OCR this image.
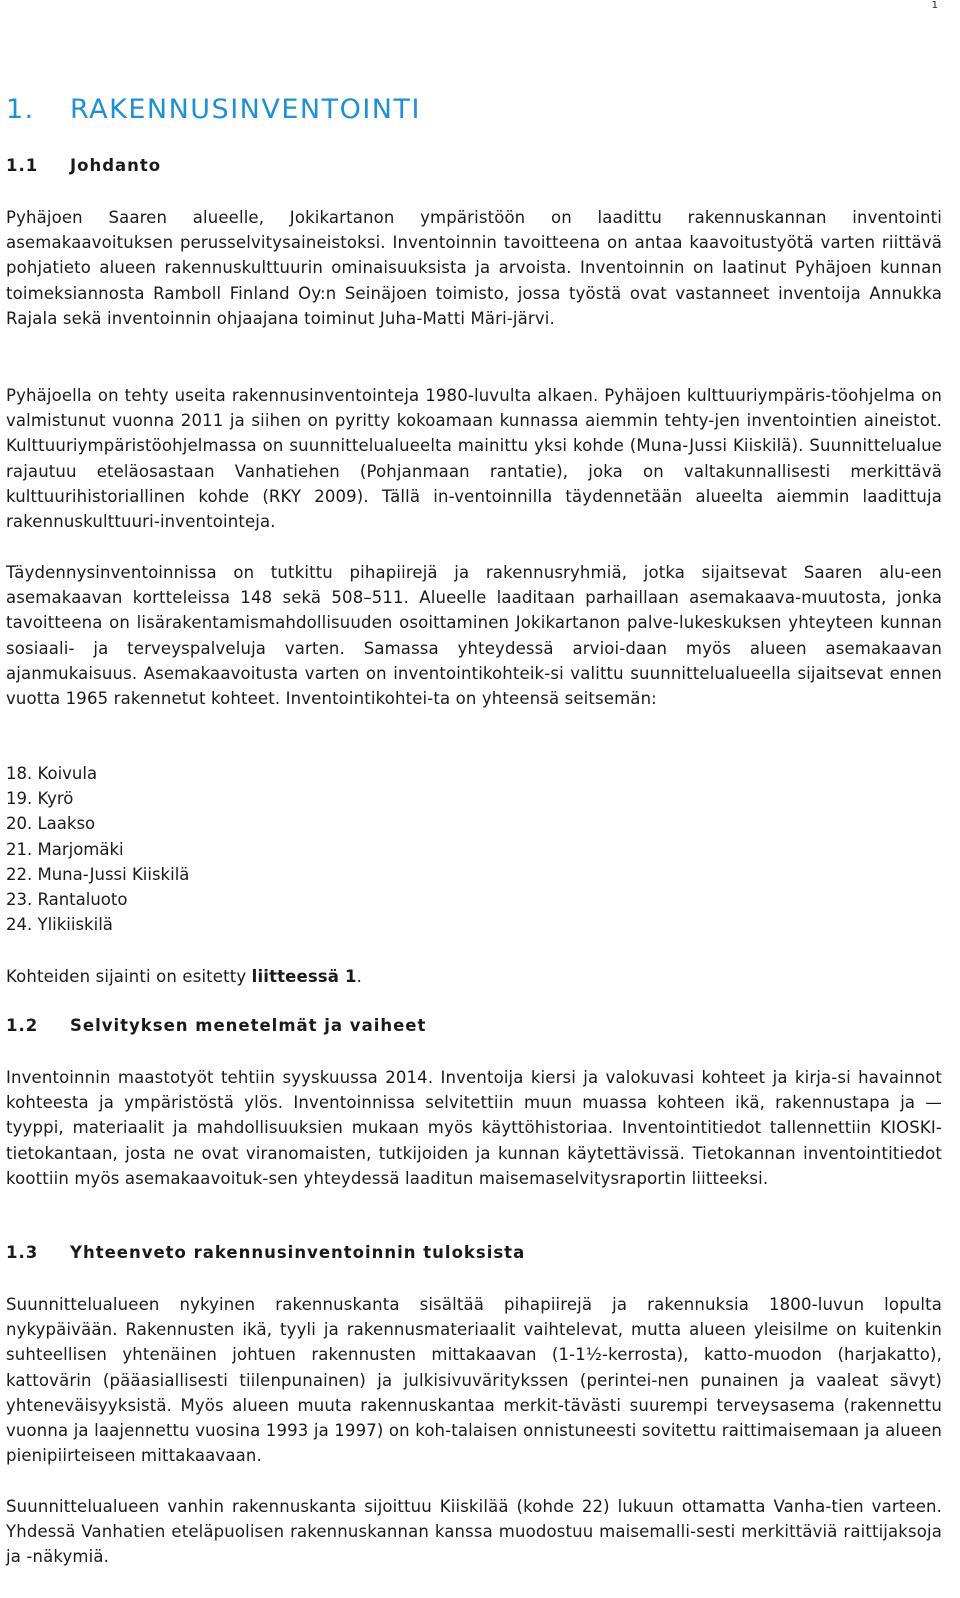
1
1. RAKENNUSINVENTOINTI
1.1 Johdanto

Pyhäjoen Saaren alueelle, Jokikartanon ympäristöön on laadittu rakennuskannan inventointi asemakaavoituksen perusselvitysaineistoksi. Inventoinnin tavoitteena on antaa kaavoitustyötä varten riittävä pohjatieto alueen rakennuskulttuurin ominaisuuksista ja arvoista. Inventoinnin on laatinut Pyhäjoen kunnan toimeksiannosta Ramboll Finland Oy:n Seinäjoen toimisto, jossa työstä ovat vastanneet inventoija Annukka Rajala sekä inventoinnin ohjaajana toiminut Juha-Matti Märi-järvi.

Pyhäjoella on tehty useita rakennusinventointeja 1980-luvulta alkaen. Pyhäjoen kulttuuriympäris-töohjelma on valmistunut vuonna 2011 ja siihen on pyritty kokoamaan kunnassa aiemmin tehty-jen inventointien aineistot. Kulttuuriympäristöohjelmassa on suunnittelualueelta mainittu yksi kohde (Muna-Jussi Kiiskilä). Suunnittelualue rajautuu eteläosastaan Vanhatiehen (Pohjanmaan rantatie), joka on valtakunnallisesti merkittävä kulttuurihistoriallinen kohde (RKY 2009). Tällä in-ventoinnilla täydennetään alueelta aiemmin laadittuja rakennuskulttuuri-inventointeja.

Täydennysinventoinnissa on tutkittu pihapiirejä ja rakennusryhmiä, jotka sijaitsevat Saaren alu-een asemakaavan kortteleissa 148 sekä 508–511. Alueelle laaditaan parhaillaan asemakaava-muutosta, jonka tavoitteena on lisärakentamismahdollisuuden osoittaminen Jokikartanon palve-lukeskuksen yhteyteen kunnan sosiaali- ja terveyspalveluja varten. Samassa yhteydessä arvioi-daan myös alueen asemakaavan ajanmukaisuus. Asemakaavoitusta varten on inventointikohteik-si valittu suunnittelualueella sijaitsevat ennen vuotta 1965 rakennetut kohteet. Inventointikohtei-ta on yhteensä seitsemän:

18. Koivula
19. Kyrö
20. Laakso
21. Marjomäki
22. Muna-Jussi Kiiskilä
23. Rantaluoto
24. Ylikiiskilä

Kohteiden sijainti on esitetty liitteessä 1.

1.2 Selvityksen menetelmät ja vaiheet

Inventoinnin maastotyöt tehtiin syyskuussa 2014. Inventoija kiersi ja valokuvasi kohteet ja kirja-si havainnot kohteesta ja ympäristöstä ylös. Inventoinnissa selvitettiin muun muassa kohteen ikä, rakennustapa ja — tyyppi, materiaalit ja mahdollisuuksien mukaan myös käyttöhistoriaa. Inventointitiedot tallennettiin KIOSKI-tietokantaan, josta ne ovat viranomaisten, tutkijoiden ja kunnan käytettävissä. Tietokannan inventointitiedot koottiin myös asemakaavoituk-sen yhteydessä laaditun maisemaselvitysraportin liitteeksi.

1.3 Yhteenveto rakennusinventoinnin tuloksista

Suunnittelualueen nykyinen rakennuskanta sisältää pihapiirejä ja rakennuksia 1800-luvun lopulta nykypäivään. Rakennusten ikä, tyyli ja rakennusmateriaalit vaihtelevat, mutta alueen yleisilme on kuitenkin suhteellisen yhtenäinen johtuen rakennusten mittakaavan (1-1½-kerrosta), katto-muodon (harjakatto), kattovärin (pääasiallisesti tiilenpunainen) ja julkisivuväritykssen (perintei-nen punainen ja vaaleat sävyt) yhteneväisyyksistä. Myös alueen muuta rakennuskantaa merkit-tävästi suurempi terveysasema (rakennettu vuonna ja laajennettu vuosina 1993 ja 1997) on koh-talaisen onnistuneesti sovitettu raittimaisemaan ja alueen pienipiirteiseen mittakaavaan.

Suunnittelualueen vanhin rakennuskanta sijoittuu Kiiskilää (kohde 22) lukuun ottamatta Vanha-tien varteen. Yhdessä Vanhatien eteläpuolisen rakennuskannan kanssa muodostuu maisemalli-sesti merkittäviä raittijaksoja ja -näkymiä.
